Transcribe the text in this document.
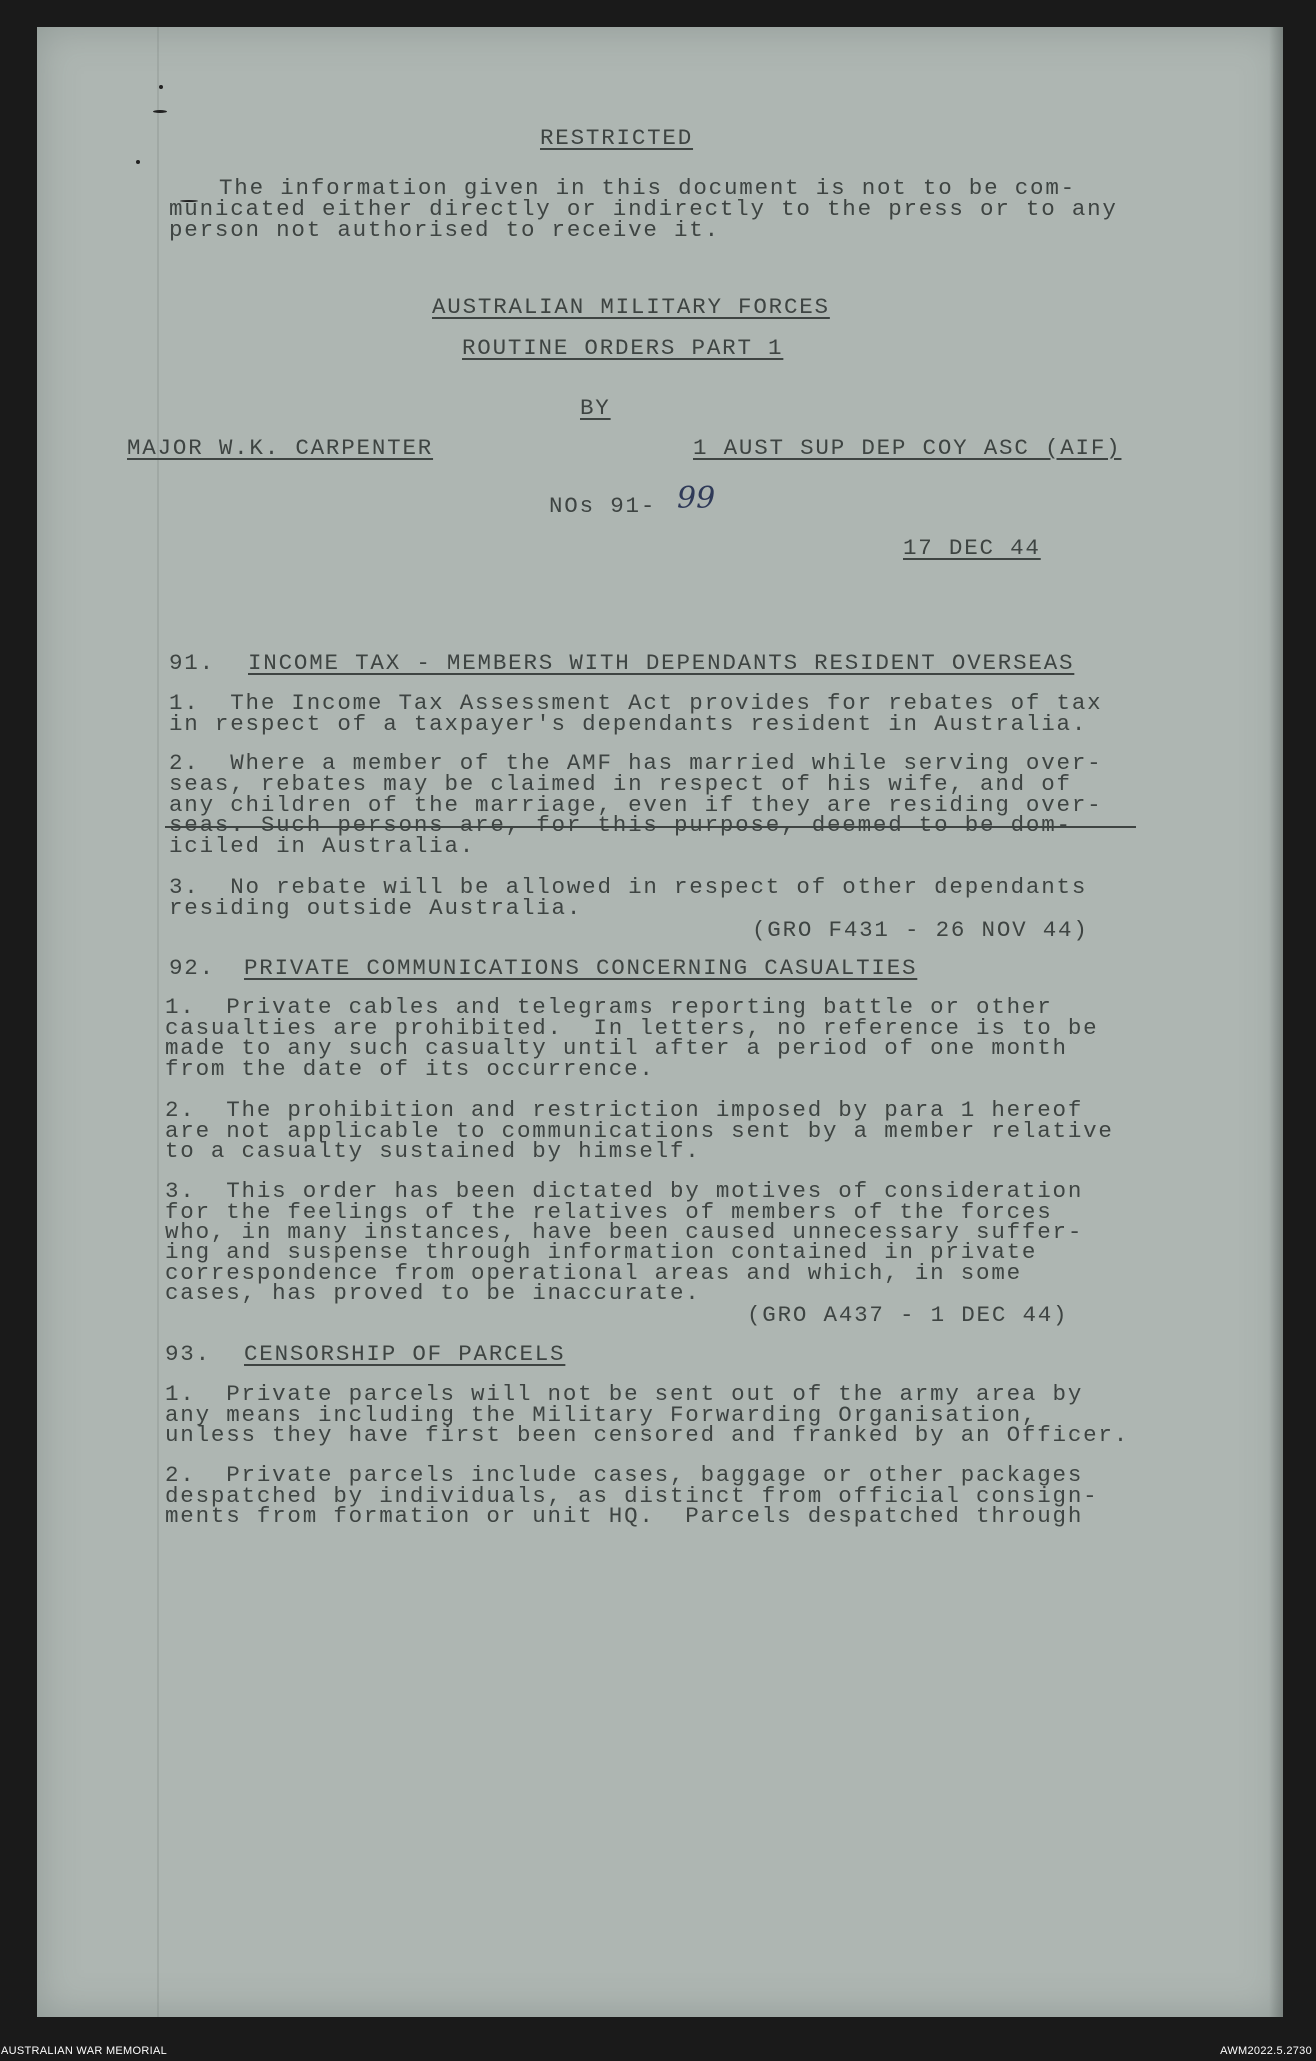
RESTRICTED
The information given in this document is not to be com-
municated either directly or indirectly to the press or to any
person not authorised to receive it.
AUSTRALIAN MILITARY FORCES
ROUTINE ORDERS PART 1
BY
MAJOR W.K. CARPENTER	1 AUST SUP DEP COY ASC (AIF)
NOs 91- 99
17 DEC 44
91. INCOME TAX - MEMBERS WITH DEPENDANTS RESIDENT OVERSEAS
1.  The Income Tax Assessment Act provides for rebates of tax
in respect of a taxpayer's dependants resident in Australia.
2.  Where a member of the AMF has married while serving over-
seas, rebates may be claimed in respect of his wife, and of
any children of the marriage, even if they are residing over-
seas. Such persons are, for this purpose, deemed to be dom-
iciled in Australia.
3.  No rebate will be allowed in respect of other dependants
residing outside Australia.
(GRO F431 - 26 NOV 44)
92. PRIVATE COMMUNICATIONS CONCERNING CASUALTIES
1.  Private cables and telegrams reporting battle or other
casualties are prohibited.  In letters, no reference is to be
made to any such casualty until after a period of one month
from the date of its occurrence.
2.  The prohibition and restriction imposed by para 1 hereof
are not applicable to communications sent by a member relative
to a casualty sustained by himself.
3.  This order has been dictated by motives of consideration
for the feelings of the relatives of members of the forces
who, in many instances, have been caused unnecessary suffer-
ing and suspense through information contained in private
correspondence from operational areas and which, in some
cases, has proved to be inaccurate.
(GRO A437 - 1 DEC 44)
93. CENSORSHIP OF PARCELS
1.  Private parcels will not be sent out of the army area by
any means including the Military Forwarding Organisation,
unless they have first been censored and franked by an Officer.
2.  Private parcels include cases, baggage or other packages
despatched by individuals, as distinct from official consign-
ments from formation or unit HQ.  Parcels despatched through
AUSTRALIAN WAR MEMORIAL	AWM2022.5.2730
